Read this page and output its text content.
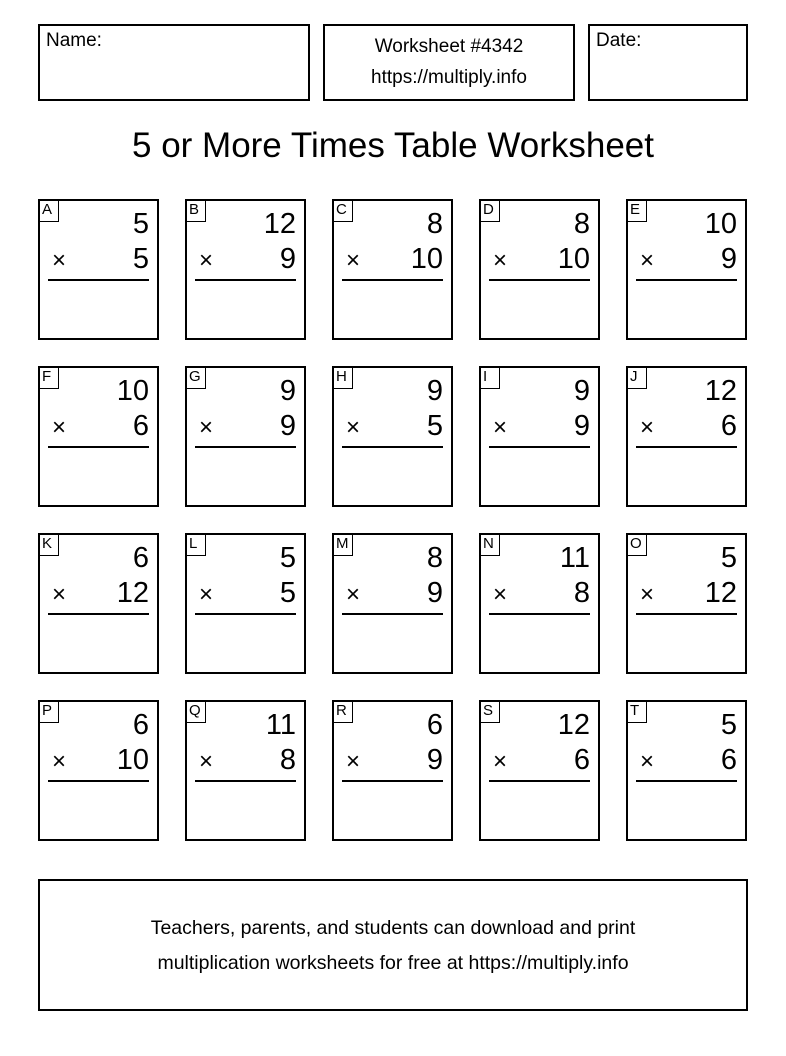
Name:	Worksheet #4342
https://multiply.info
Date:
5 or More Times Table Worksheet
A	5
× 5
B 12
× 9
C	8
× 10
D	8
× 10
E 10
× 9
F 10
× 6
G	9
× 9
H	9
× 5
I	9
× 9
J	12
× 6
K	6
× 12
L	5
× 5
M	8
× 9
N 11
× 8
O	5
× 12
P	6
× 10
Q 11
× 8
R	6
× 9
S 12
× 6
T	5
× 6
Teachers, parents, and students can download and print
multiplication worksheets for free at https://multiply.info
